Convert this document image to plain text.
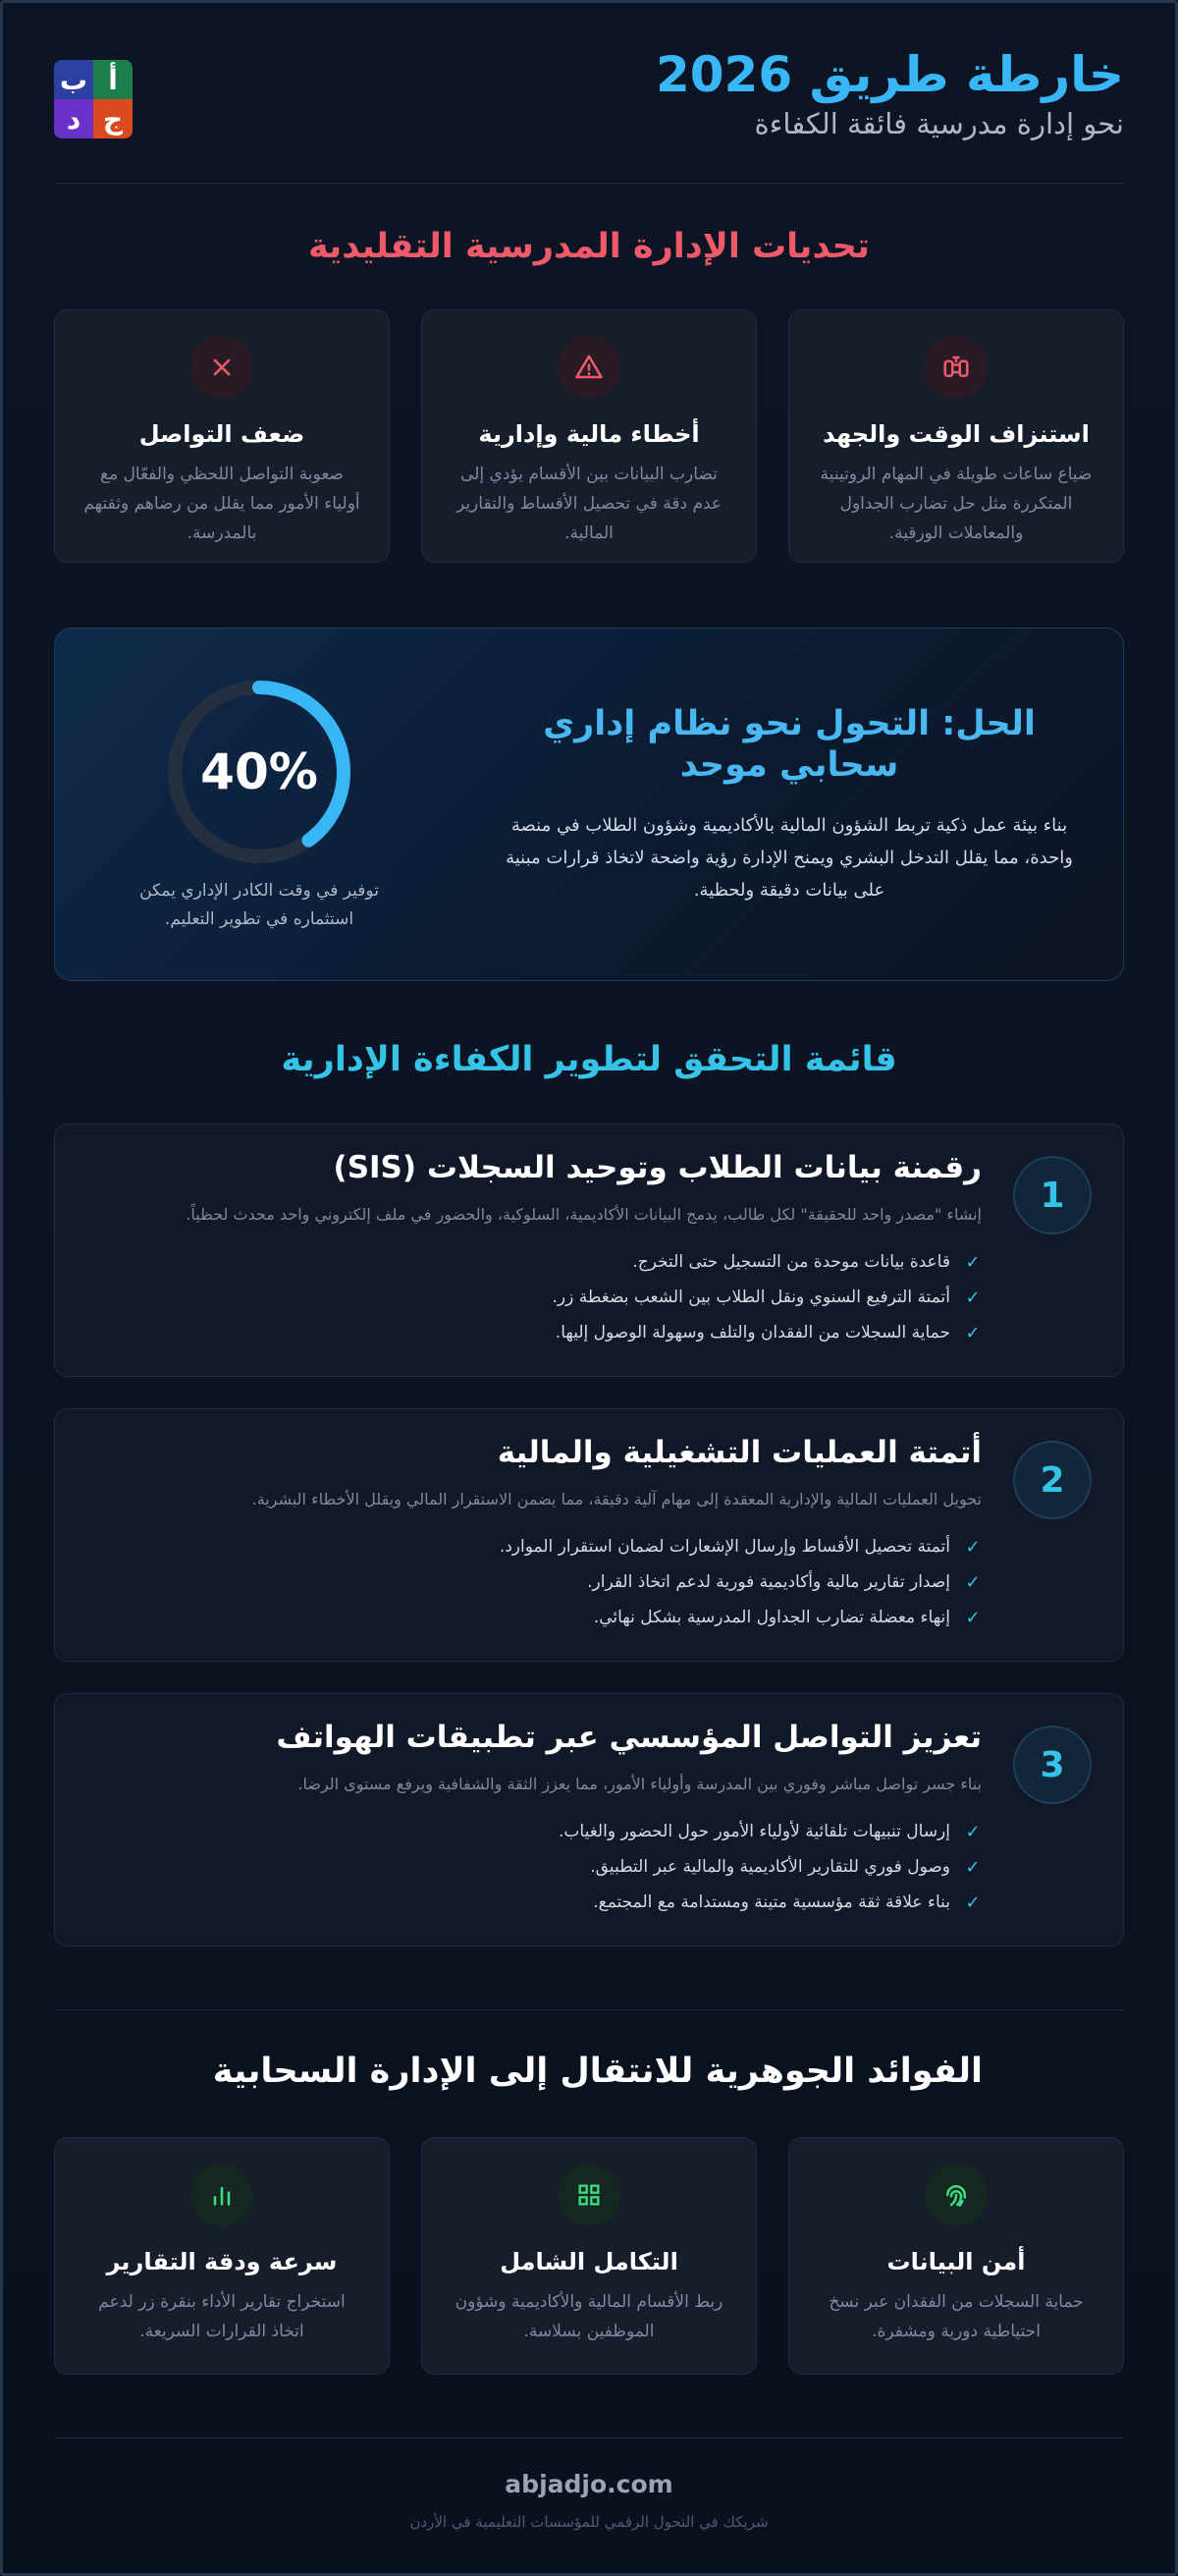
خارطة طريق 2026
نحو إدارة مدرسية فائقة الكفاءة
ب أ
د ج
تحديات الإدارة المدرسية التقليدية
استنزاف الوقت والجهد

ضياع ساعات طويلة في المهام الروتينية المتكررة مثل حل تضارب الجداول والمعاملات الورقية.

أخطاء مالية وإدارية

تضارب البيانات بين الأقسام يؤدي إلى عدم دقة في تحصيل الأقساط والتقارير المالية.

ضعف التواصل

صعوبة التواصل اللحظي والفعّال مع أولياء الأمور مما يقلل من رضاهم وثقتهم بالمدرسة.

الحل: التحول نحو نظام إداري سحابي موحد
بناء بيئة عمل ذكية تربط الشؤون المالية بالأكاديمية وشؤون الطلاب في منصة واحدة، مما يقلل التدخل البشري ويمنح الإدارة رؤية واضحة لاتخاذ قرارات مبنية على بيانات دقيقة ولحظية.
40%
توفير في وقت الكادر الإداري يمكن استثماره في تطوير التعليم.
قائمة التحقق لتطوير الكفاءة الإدارية
1
رقمنة بيانات الطلاب وتوحيد السجلات (SIS)
إنشاء "مصدر واحد للحقيقة" لكل طالب، يدمج البيانات الأكاديمية، السلوكية، والحضور في ملف إلكتروني واحد محدث لحظياً.
✓
قاعدة بيانات موحدة من التسجيل حتى التخرج.
✓
أتمتة الترفيع السنوي ونقل الطلاب بين الشعب بضغطة زر.
✓
حماية السجلات من الفقدان والتلف وسهولة الوصول إليها.
2
أتمتة العمليات التشغيلية والمالية
تحويل العمليات المالية والإدارية المعقدة إلى مهام آلية دقيقة، مما يضمن الاستقرار المالي ويقلل الأخطاء البشرية.
✓
أتمتة تحصيل الأقساط وإرسال الإشعارات لضمان استقرار الموارد.
✓
إصدار تقارير مالية وأكاديمية فورية لدعم اتخاذ القرار.
✓
إنهاء معضلة تضارب الجداول المدرسية بشكل نهائي.
3
تعزيز التواصل المؤسسي عبر تطبيقات الهواتف
بناء جسر تواصل مباشر وفوري بين المدرسة وأولياء الأمور، مما يعزز الثقة والشفافية ويرفع مستوى الرضا.
✓
إرسال تنبيهات تلقائية لأولياء الأمور حول الحضور والغياب.
✓
وصول فوري للتقارير الأكاديمية والمالية عبر التطبيق.
✓
بناء علاقة ثقة مؤسسية متينة ومستدامة مع المجتمع.
الفوائد الجوهرية للانتقال إلى الإدارة السحابية
أمن البيانات

حماية السجلات من الفقدان عبر نسخ احتياطية دورية ومشفرة.

التكامل الشامل

ربط الأقسام المالية والأكاديمية وشؤون الموظفين بسلاسة.

سرعة ودقة التقارير

استخراج تقارير الأداء بنقرة زر لدعم اتخاذ القرارات السريعة.

abjadjo.com
شريكك في التحول الرقمي للمؤسسات التعليمية في الأردن
